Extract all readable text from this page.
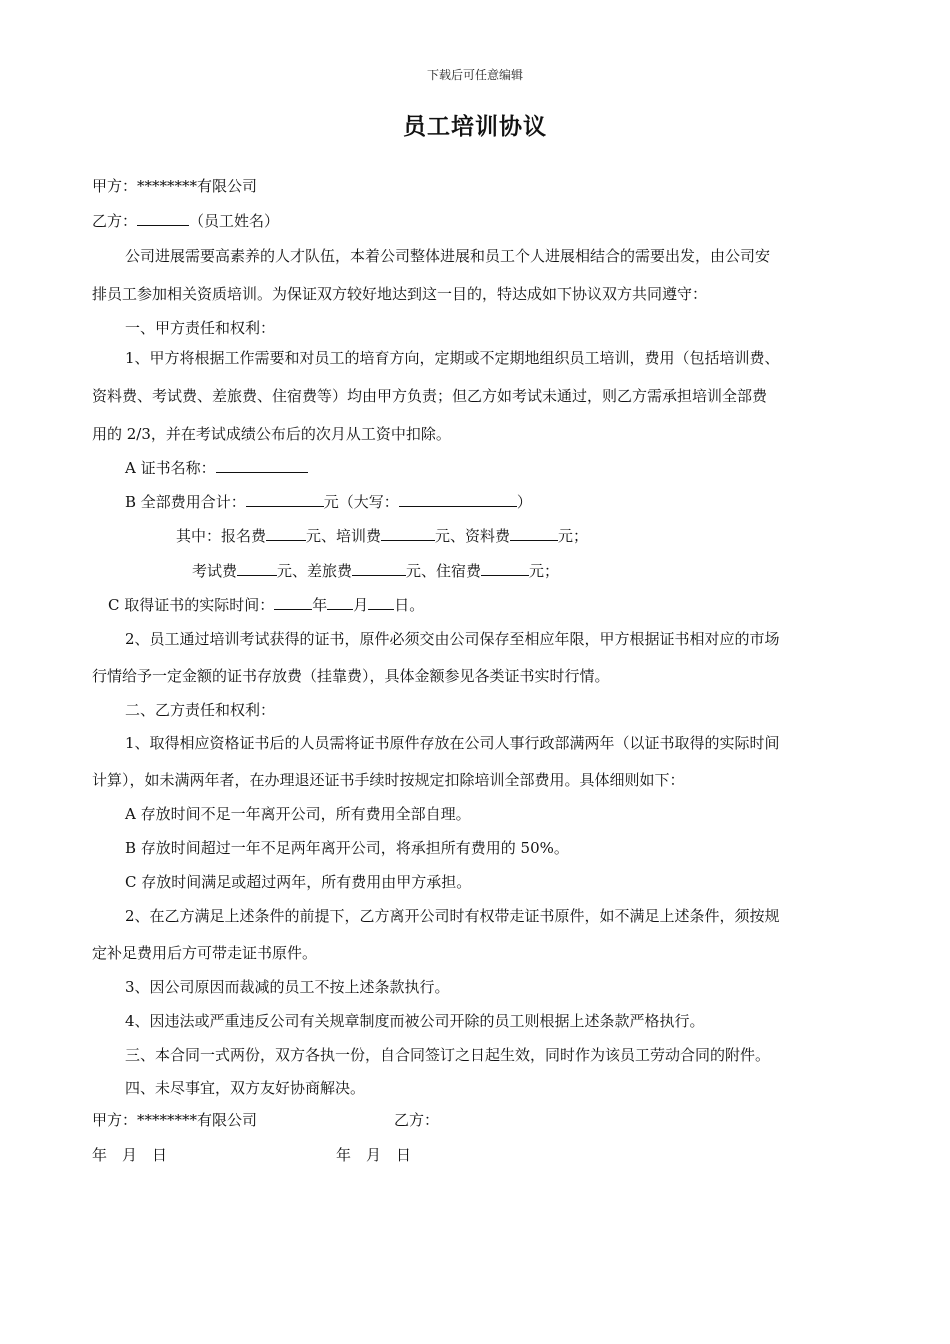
下载后可任意编辑
员工培训协议
甲方：********有限公司
乙方：	（员工姓名）
公司进展需要高素养的人才队伍，本着公司整体进展和员工个人进展相结合的需要出发，由公司安
排员工参加相关资质培训。为保证双方较好地达到这一目的，特达成如下协议双方共同遵守：
一、甲方责任和权利：
1、甲方将根据工作需要和对员工的培育方向，定期或不定期地组织员工培训，费用（包括培训费、
资料费、考试费、差旅费、住宿费等）均由甲方负责；但乙方如考试未通过，则乙方需承担培训全部费
用的 2/3，并在考试成绩公布后的次月从工资中扣除。
A 证书名称：
B 全部费用合计：	元（大写：	）
其中：报名费	元、培训费	元、资料费	元；
考试费	元、差旅费	元、住宿费	元；
C 取得证书的实际时间：	年 月 日。
2、员工通过培训考试获得的证书，原件必须交由公司保存至相应年限，甲方根据证书相对应的市场
行情给予一定金额的证书存放费（挂靠费），具体金额参见各类证书实时行情。
二、乙方责任和权利：
1、取得相应资格证书后的人员需将证书原件存放在公司人事行政部满两年（以证书取得的实际时间
计算），如未满两年者，在办理退还证书手续时按规定扣除培训全部费用。具体细则如下：
A 存放时间不足一年离开公司，所有费用全部自理。
B 存放时间超过一年不足两年离开公司，将承担所有费用的 50%。
C 存放时间满足或超过两年，所有费用由甲方承担。
2、在乙方满足上述条件的前提下，乙方离开公司时有权带走证书原件，如不满足上述条件，须按规
定补足费用后方可带走证书原件。
3、因公司原因而裁减的员工不按上述条款执行。
4、因违法或严重违反公司有关规章制度而被公司开除的员工则根据上述条款严格执行。
三、本合同一式两份，双方各执一份，自合同签订之日起生效，同时作为该员工劳动合同的附件。
四、未尽事宜，双方友好协商解决。
甲方：********有限公司	乙方：
年　月　日	年　月　日
